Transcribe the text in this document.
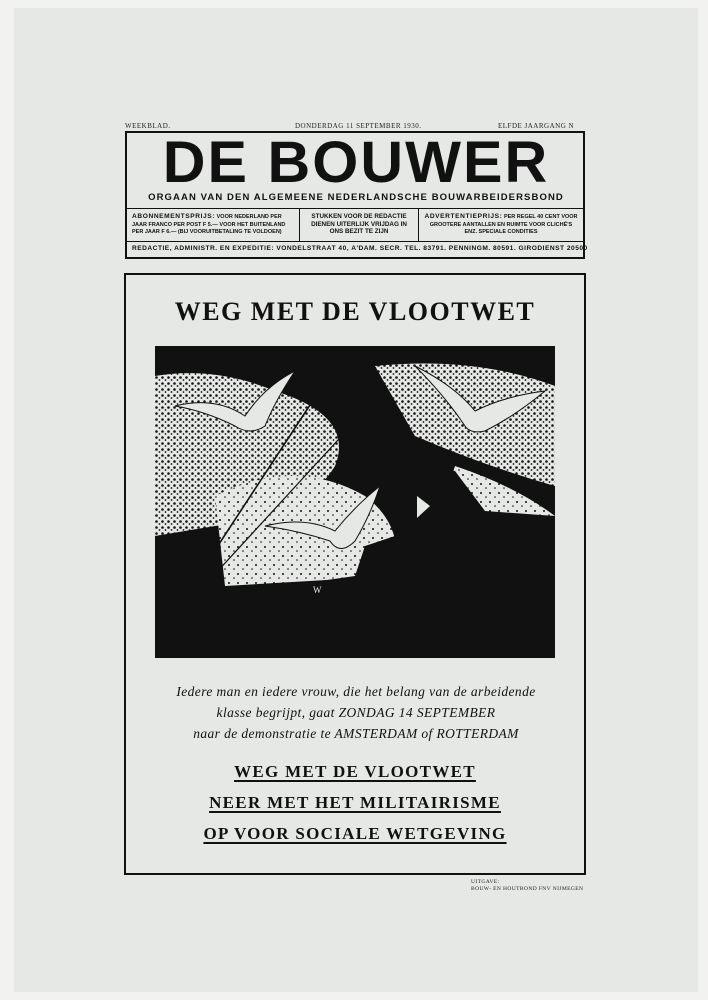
WEEKBLAD.	DONDERDAG 11 SEPTEMBER 1930.	ELFDE JAARGANG N
DE BOUWER
ORGAAN VAN DEN ALGEMEENE NEDERLANDSCHE BOUWARBEIDERSBOND
ABONNEMENTSPRIJS: VOOR NEDERLAND PER JAAR FRANCO PER POST F 5.— VOOR HET BUITENLAND PER JAAR F 6.— (BIJ VOORUITBETALING TE VOLDOEN)
STUKKEN VOOR DE REDACTIE DIENEN UITERLIJK VRIJDAG IN ONS BEZIT TE ZIJN
ADVERTENTIEPRIJS: PER REGEL 40 CENT VOOR GROOTERE AANTALLEN EN RUIMTE VOOR CLICHÉ'S ENZ. SPECIALE CONDITIES
REDACTIE, ADMINISTR. EN EXPEDITIE: VONDELSTRAAT 40, A'DAM. SECR. TEL. 83791. PENNINGM. 80591. GIRODIENST 20500
WEG MET DE VLOOTWET
W
Iedere man en iedere vrouw, die het belang van de arbeidende
klasse begrijpt, gaat ZONDAG 14 SEPTEMBER
naar de demonstratie te AMSTERDAM of ROTTERDAM
WEG MET DE VLOOTWET
NEER MET HET MILITAIRISME
OP VOOR SOCIALE WETGEVING
UITGAVE:
BOUW- EN HOUTBOND FNV NIJMEGEN
